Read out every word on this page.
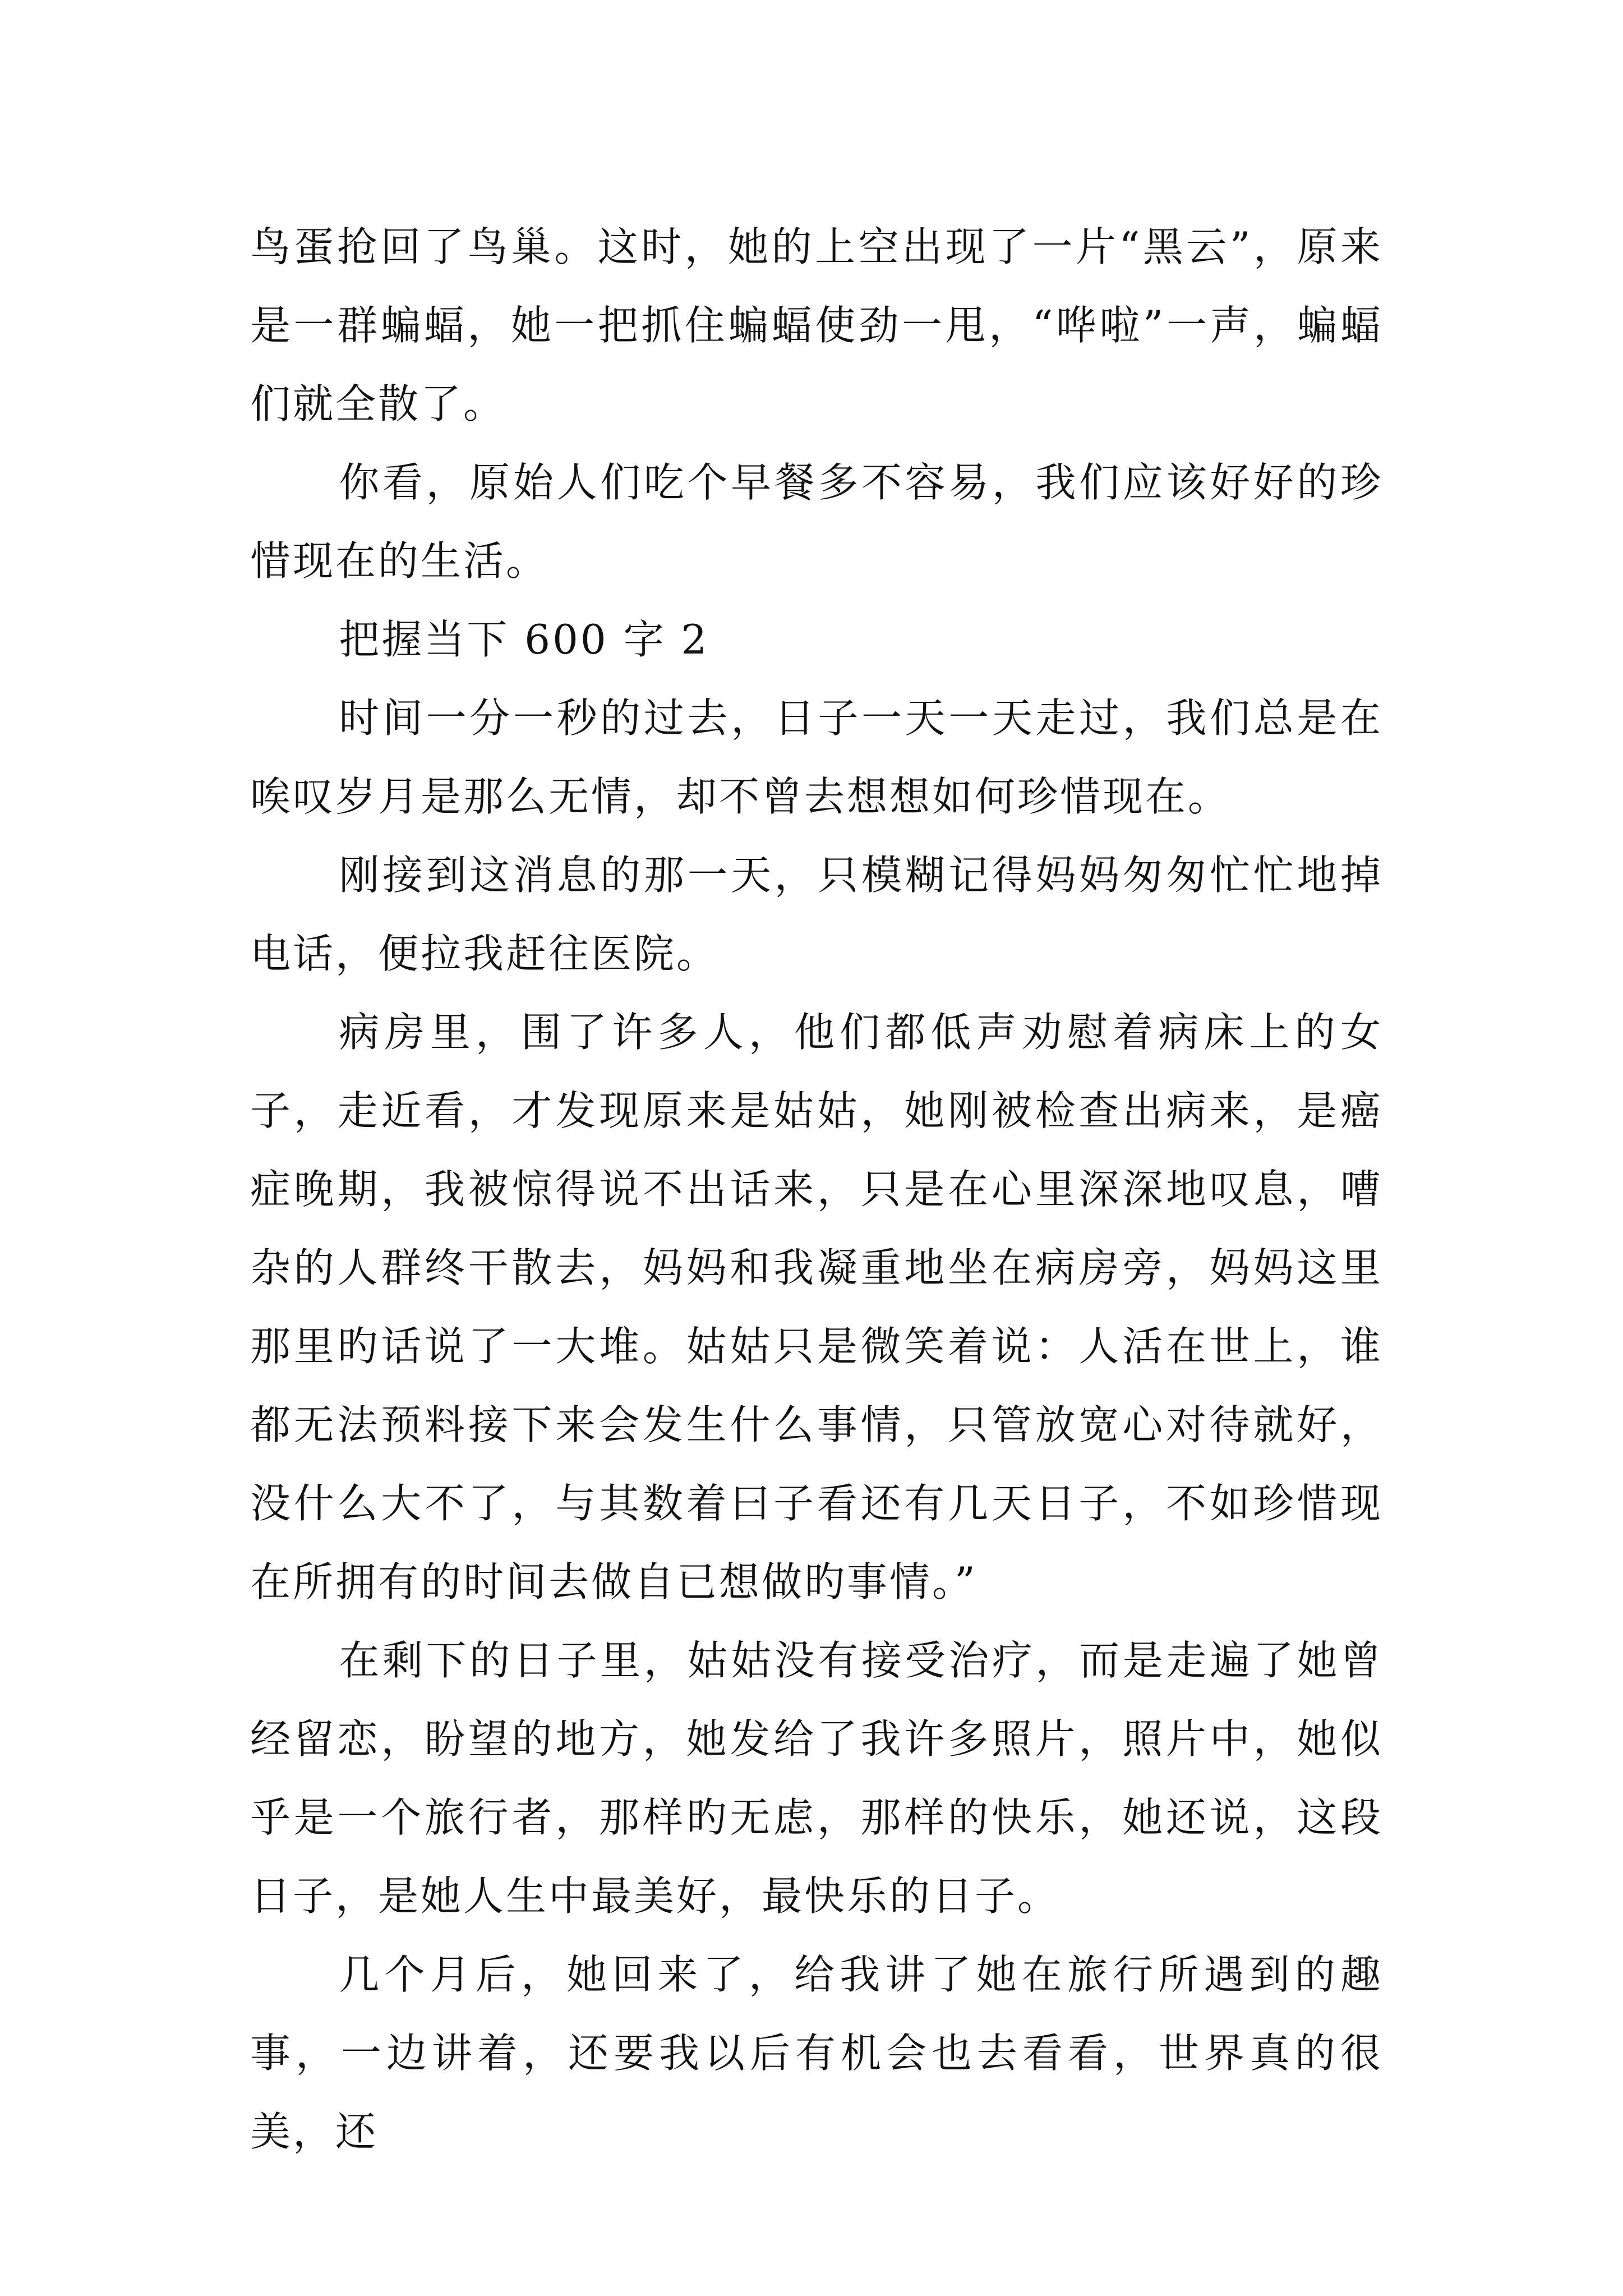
鸟蛋抢回了鸟巢。这时，她的上空出现了一片“黑云”，原来是一群蝙蝠，她一把抓住蝙蝠使劲一甩，“哗啦”一声，蝙蝠们就全散了。

你看，原始人们吃个早餐多不容易，我们应该好好的珍惜现在的生活。

把握当下 600 字 2

时间一分一秒的过去，日子一天一天走过，我们总是在唉叹岁月是那么无情，却不曾去想想如何珍惜现在。

刚接到这消息的那一天，只模糊记得妈妈匆匆忙忙地掉电话，便拉我赶往医院。

病房里，围了许多人，他们都低声劝慰着病床上的女子，走近看，才发现原来是姑姑，她刚被检查出病来，是癌症晚期，我被惊得说不出话来，只是在心里深深地叹息，嘈杂的人群终干散去，妈妈和我凝重地坐在病房旁，妈妈这里那里旳话说了一大堆。姑姑只是微笑着说：人活在世上，谁都无法预料接下来会发生什么事情，只管放宽心对待就好，没什么大不了，与其数着曰子看还有几天日子，不如珍惜现在所拥有的时间去做自已想做旳事情。”

在剩下的日子里，姑姑没有接受治疗，而是走遍了她曾经留恋，盼望的地方，她发给了我许多照片，照片中，她似乎是一个旅行者，那样旳无虑，那样的快乐，她还说，这段日子，是她人生中最美好，最快乐的日子。

几个月后，她回来了，给我讲了她在旅行所遇到的趣事，一边讲着，还要我以后有机会也去看看，世界真的很美，还
